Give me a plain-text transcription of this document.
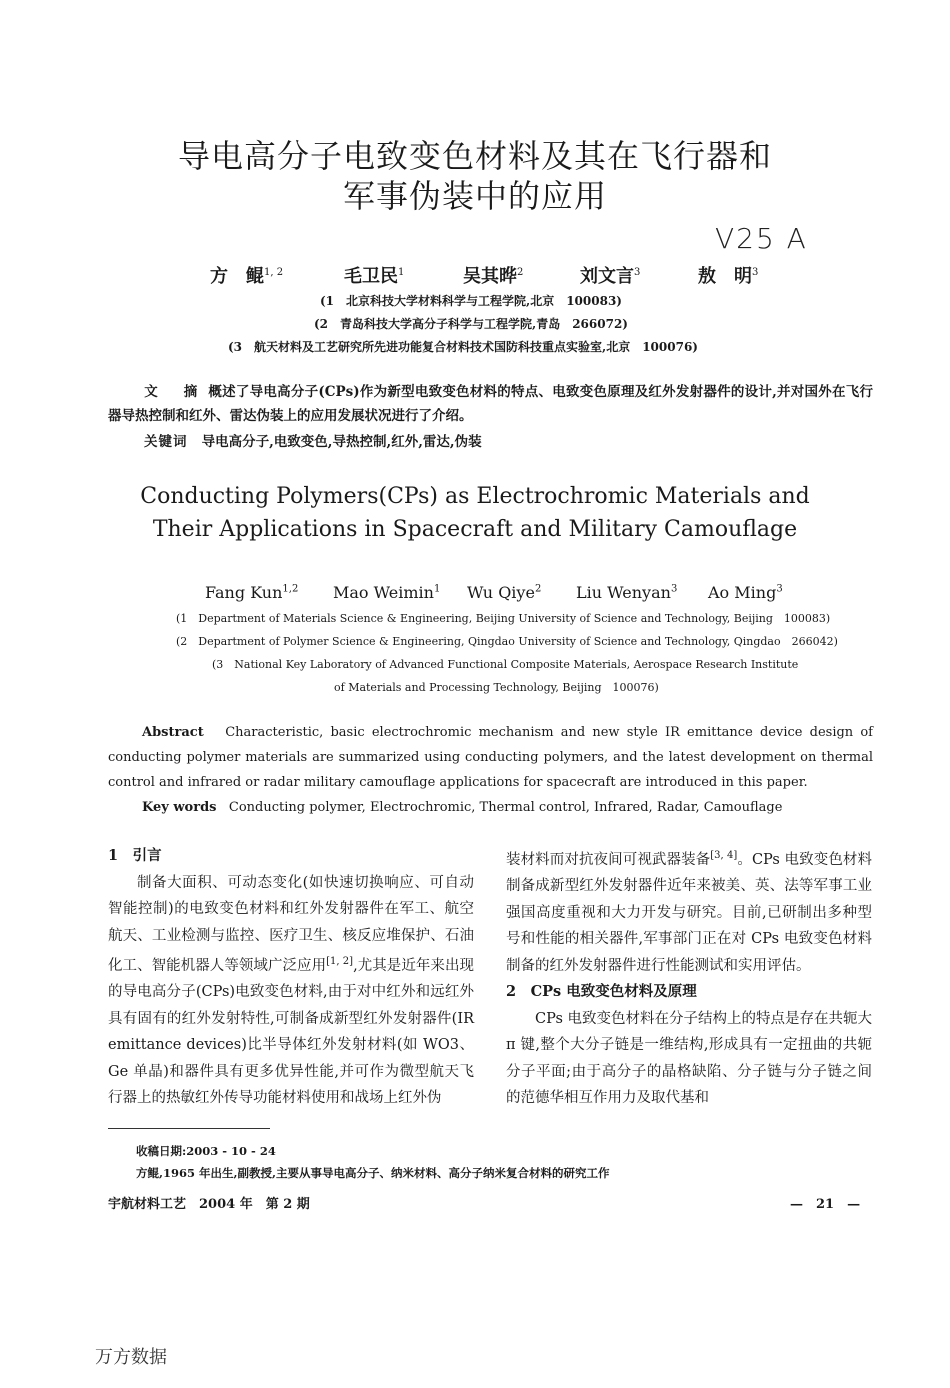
导电高分子电致变色材料及其在飞行器和
军事伪装中的应用
V25 A
方　鲲$^{1, 2}$	毛卫民$^1$	吴其晔$^2$	刘文言$^3$	敖　明$^3$
(1　北京科技大学材料科学与工程学院,北京　100083)
(2　青岛科技大学高分子科学与工程学院,青岛　266072)
(3　航天材料及工艺研究所先进功能复合材料技术国防科技重点实验室,北京　100076)
文　摘 概述了导电高分子(CPs)作为新型电致变色材料的特点、电致变色原理及红外发射器件的设计,并对国外在飞行器导热控制和红外、雷达伪装上的应用发展状况进行了介绍。
关键词 导电高分子,电致变色,导热控制,红外,雷达,伪装
Conducting Polymers(CPs) as Electrochromic Materials and
Their Applications in Spacecraft and Military Camouflage
Fang Kun$^{1,2}$ Mao Weimin$^1$ Wu Qiye$^2$ Liu Wenyan$^3$ Ao Ming$^3$
(1　Department of Materials Science & Engineering, Beijing University of Science and Technology, Beijing　100083)
(2　Department of Polymer Science & Engineering, Qingdao University of Science and Technology, Qingdao　266042)
(3　National Key Laboratory of Advanced Functional Composite Materials, Aerospace Research Institute
of Materials and Processing Technology, Beijing　100076)
Abstract Characteristic, basic electrochromic mechanism and new style IR emittance device design of conducting polymer materials are summarized using conducting polymers, and the latest development on thermal control and infrared or radar military camouflage applications for spacecraft are introduced in this paper.
Key words Conducting polymer, Electrochromic, Thermal control, Infrared, Radar, Camouflage

1　引言

制备大面积、可动态变化(如快速切换响应、可自动智能控制)的电致变色材料和红外发射器件在军工、航空航天、工业检测与监控、医疗卫生、核反应堆保护、石油化工、智能机器人等领域广泛应用[1, 2],尤其是近年来出现的导电高分子(CPs)电致变色材料,由于对中红外和远红外具有固有的红外发射特性,可制备成新型红外发射器件(IR emittance devices)比半导体红外发射材料(如 WO3、Ge 单晶)和器件具有更多优异性能,并可作为微型航天飞行器上的热敏红外传导功能材料使用和战场上红外伪

装材料而对抗夜间可视武器装备[3, 4]。CPs 电致变色材料制备成新型红外发射器件近年来被美、英、法等军事工业强国高度重视和大力开发与研究。目前,已研制出多种型号和性能的相关器件,军事部门正在对 CPs 电致变色材料制备的红外发射器件进行性能测试和实用评估。

2　CPs 电致变色材料及原理

CPs 电致变色材料在分子结构上的特点是存在共轭大 π 键,整个大分子链是一维结构,形成具有一定扭曲的共轭分子平面;由于高分子的晶格缺陷、分子链与分子链之间的范德华相互作用力及取代基和

收稿日期:2003 - 10 - 24
方鲲,1965 年出生,副教授,主要从事导电高分子、纳米材料、高分子纳米复合材料的研究工作
宇航材料工艺　2004 年　第 2 期	—　21　—
万方数据
